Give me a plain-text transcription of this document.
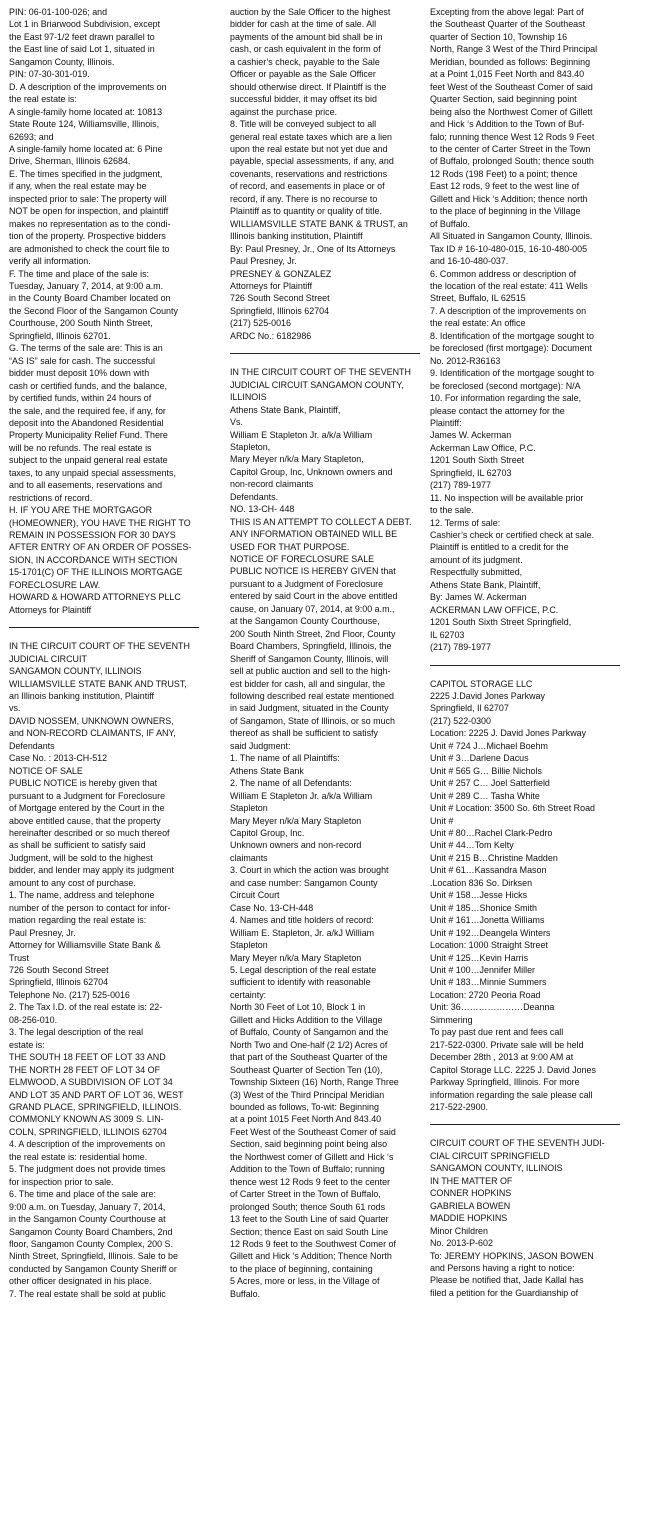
PIN: 06-01-100-026; and
Lot 1 in Briarwood Subdivision, except
the East 97-1/2 feet drawn parallel to
the East line of said Lot 1, situated in
Sangamon County, Illinois.
PIN: 07-30-301-019.
D. A description of the improvements on
the real estate is:
A single-family home located at: 10813
State Route 124, Williamsville, Illinois,
62693; and
A single-family home located at: 6 Pine
Drive, Sherman, Illinois 62684.
E. The times specified in the judgment,
if any, when the real estate may be
inspected prior to sale: The property will
NOT be open for inspection, and plaintiff
makes no representation as to the condi-
tion of the property. Prospective bidders
are admonished to check the court file to
verify all information.
F. The time and place of the sale is:
Tuesday, January 7, 2014, at 9:00 a.m.
in the County Board Chamber located on
the Second Floor of the Sangamon County
Courthouse, 200 South Ninth Street,
Springfield, Illinois 62701.
G. The terms of the sale are: This is an
“AS IS” sale for cash. The successful
bidder must deposit 10% down with
cash or certified funds, and the balance,
by certified funds, within 24 hours of
the sale, and the required fee, if any, for
deposit into the Abandoned Residential
Property Municipality Relief Fund. There
will be no refunds. The real estate is
subject to the unpaid general real estate
taxes, to any unpaid special assessments,
and to all easements, reservations and
restrictions of record.
H. IF YOU ARE THE MORTGAGOR
(HOMEOWNER), YOU HAVE THE RIGHT TO
REMAIN IN POSSESSION FOR 30 DAYS
AFTER ENTRY OF AN ORDER OF POSSES-
SION, IN ACCORDANCE WITH SECTION
15-1701(C) OF THE ILLINOIS MORTGAGE
FORECLOSURE LAW.
HOWARD & HOWARD ATTORNEYS PLLC
Attorneys for Plaintiff
IN THE CIRCUIT COURT OF THE SEVENTH
JUDICIAL CIRCUIT
SANGAMON COUNTY, ILLINOIS
WILLIAMSVILLE STATE BANK AND TRUST,
an Illinois banking institution, Plaintiff
vs.
DAVID NOSSEM, UNKNOWN OWNERS,
and NON-RECORD CLAIMANTS, IF ANY,
Defendants
Case No. : 2013-CH-512
NOTICE OF SALE
PUBLIC NOTICE is hereby given that
pursuant to a Judgment for Foreclosure
of Mortgage entered by the Court in the
above entitled cause, that the property
hereinafter described or so much thereof
as shall be sufficient to satisfy said
Judgment, will be sold to the highest
bidder, and lender may apply its judgment
amount to any cost of purchase.
1. The name, address and telephone
number of the person to contact for infor-
mation regarding the real estate is:
Paul Presney, Jr.
Attorney for Williamsville State Bank &
Trust
726 South Second Street
Springfield, Illinois 62704
Telephone No. (217) 525-0016
2. The Tax I.D. of the real estate is: 22-
08-256-010.
3. The legal description of the real
estate is:
THE SOUTH 18 FEET OF LOT 33 AND
THE NORTH 28 FEET OF LOT 34 OF
ELMWOOD, A SUBDIVISION OF LOT 34
AND LOT 35 AND PART OF LOT 36, WEST
GRAND PLACE, SPRINGFIELD, ILLINOIS.
COMMONLY KNOWN AS 3009 S. LIN-
COLN, SPRINGFIELD, ILLINOIS 62704
4. A description of the improvements on
the real estate is: residential home.
5. The judgment does not provide times
for inspection prior to sale.
6. The time and place of the sale are:
9:00 a.m. on Tuesday, January 7, 2014,
in the Sangamon County Courthouse at
Sangamon County Board Chambers, 2nd
floor, Sangamon County Complex, 200 S.
Ninth Street, Springfield, Illinois. Sale to be
conducted by Sangamon County Sheriff or
other officer designated in his place.
7. The real estate shall be sold at public
auction by the Sale Officer to the highest
bidder for cash at the time of sale. All
payments of the amount bid shall be in
cash, or cash equivalent in the form of
a cashier’s check, payable to the Sale
Officer or payable as the Sale Officer
should otherwise direct. If Plaintiff is the
successful bidder, it may offset its bid
against the purchase price.
8. Title will be conveyed subject to all
general real estate taxes which are a lien
upon the real estate but not yet due and
payable, special assessments, if any, and
covenants, reservations and restrictions
of record, and easements in place or of
record, if any. There is no recourse to
Plaintiff as to quantity or quality of title.
WILLIAMSVILLE STATE BANK & TRUST, an
Illinois banking institution, Plaintiff
By: Paul Presney, Jr., One of Its Attorneys
Paul Presney, Jr.
PRESNEY & GONZALEZ
Attorneys for Plaintiff
726 South Second Street
Springfield, Illinois 62704
(217) 525-0016
ARDC No.: 6182986
IN THE CIRCUIT COURT OF THE SEVENTH
JUDICIAL CIRCUIT SANGAMON COUNTY,
ILLINOIS
Athens State Bank, Plaintiff,
Vs.
William E Stapleton Jr. a/k/a William
Stapleton,
Mary Meyer n/k/a Mary Stapleton,
Capitol Group, Inc, Unknown owners and
non-record claimants
Defendants.
NO. 13-CH- 448
THIS IS AN ATTEMPT TO COLLECT A DEBT.
ANY INFORMATION OBTAINED WILL BE
USED FOR THAT PURPOSE.
NOTICE OF FORECLOSURE SALE
PUBLIC NOTICE IS HEREBY GIVEN that
pursuant to a Judgment of Foreclosure
entered by said Court in the above entitled
cause, on January 07, 2014, at 9:00 a.m.,
at the Sangamon County Courthouse,
200 South Ninth Street, 2nd Floor, County
Board Chambers, Springfield, Illinois, the
Sheriff of Sangamon County, Illinois, will
sell at public auction and sell to the high-
est bidder for cash, all and singular, the
following described real estate mentioned
in said Judgment, situated in the County
of Sangamon, State of Illinois, or so much
thereof as shall be sufficient to satisfy
said Judgment:
1. The name of all Plaintiffs:
Athens State Bank
2. The name of all Defendants:
William E Stapleton Jr. a/k/a William
Stapleton
Mary Meyer n/k/a Mary Stapleton
Capitol Group, Inc.
Unknown owners and non-record
claimants
3. Court in which the action was brought
and case number: Sangamon County
Circuit Court
Case No. 13-CH-448
4. Names and title holders of record:
William E. Stapleton, Jr. a/kJ William
Stapleton
Mary Meyer n/k/a Mary Stapleton
5. Legal description of the real estate
sufficient to identify with reasonable
certainty:
North 30 Feet of Lot 10, Block 1 in
Gillett and Hicks Addition to the Village
of Buffalo, County of Sangamon and the
North Two and One-half (2 1/2) Acres of
that part of the Southeast Quarter of the
Southeast Quarter of Section Ten (10),
Township Sixteen (16) North, Range Three
(3) West of the Third Principal Meridian
bounded as follows, To-wit: Beginning
at a point 1015 Feet North And 843.40
Feet West of the Southeast Comer of said
Section, said beginning point being also
the Northwest comer of Gillett and Hick ‘s
Addition to the Town of Buffalo; running
thence west 12 Rods 9 feet to the center
of Carter Street in the Town of Buffalo,
prolonged South; thence South 61 rods
13 feet to the South Line of said Quarter
Section; thence East on said South Line
12 Rods 9 feet to the Southwest Comer of
Gillett and Hick ‘s Addition; Thence North
to the place of beginning, containing
5 Acres, more or less, in the Village of
Buffalo.
Excepting from the above legal: Part of
the Southeast Quarter of the Southeast
quarter of Section 10, Township 16
North, Range 3 West of the Third Principal
Meridian, bounded as follows: Beginning
at a Point 1,015 Feet North and 843.40
feet West of the Southeast Comer of said
Quarter Section, said beginning point
being also the Northwest Comer of Gillett
and Hick ‘s Addition to the Town of Buf-
falo; running thence West 12 Rods 9 Feet
to the center of Carter Street in the Town
of Buffalo, prolonged South; thence south
12 Rods (198 Feet) to a point; thence
East 12 rods, 9 feet to the west line of
Gillett and Hick ‘s Addition; thence north
to the place of beginning in the Village
of Buffalo.
All Situated in Sangamon County, Illinois.
Tax ID # 16-10-480-015, 16-10-480-005
and 16-10-480-037.
6. Common address or description of
the location of the real estate: 411 Wells
Street, Buffalo, IL 62515
7. A description of the improvements on
the real estate: An office
8. Identification of the mortgage sought to
be foreclosed (first mortgage): Document
No. 2012-R36163
9. Identification of the mortgage sought to
be foreclosed (second mortgage): N/A
10. For information regarding the sale,
please contact the attorney for the
Plaintiff:
James W. Ackerman
Ackerman Law Office, P.C.
1201 South Sixth Street
Springfield, IL 62703
(217) 789-1977
11. No inspection will be available prior
to the sale.
12. Terms of sale:
Cashier’s check or certified check at sale.
Plaintiff is entitled to a credit for the
amount of its judgment.
Respectfully submitted,
Athens State Bank, Plaintiff,
By: James W. Ackerman
ACKERMAN LAW OFFICE, P.C.
1201 South Sixth Street Springfield,
IL 62703
(217) 789-1977
CAPITOL STORAGE LLC
2225 J.David Jones Parkway
Springfield, Il 62707
(217) 522-0300
Location: 2225 J. David Jones Parkway
Unit # 724 J…Michael Boehm
Unit # 3…Darlene Dacus
Unit # 565 G… Billie Nichols
Unit # 257 C… Joel Satterfield
Unit # 289 C… Tasha White
Unit # Location: 3500 So. 6th Street Road
Unit #
Unit # 80…Rachel Clark-Pedro
Unit # 44…Tom Kelty
Unit # 215 B…Christine Madden
Unit # 61…Kassandra Mason
.Location 836 So. Dirksen
Unit # 158…Jesse Hicks
Unit # 185…Shonice Smith
Unit # 161…Jonetta Williams
Unit # 192…Deangela Winters
Location: 1000 Straight Street
Unit # 125…Kevin Harris
Unit # 100…Jennifer Miller
Unit # 183…Minnie Summers
Location: 2720 Peoria Road
Unit: 36…………………Deanna
Simmering
To pay past due rent and fees call
217-522-0300. Private sale will be held
December 28th , 2013 at 9:00 AM at
Capitol Storage LLC. 2225 J. David Jones
Parkway Springfield, Illinois. For more
information regarding the sale please call
217-522-2900.
CIRCUIT COURT OF THE SEVENTH JUDI-
CIAL CIRCUIT SPRINGFIELD
SANGAMON COUNTY, ILLINOIS
IN THE MATTER OF
CONNER HOPKINS
GABRIELA BOWEN
MADDIE HOPKINS
Minor Children
No. 2013-P-602
To: JEREMY HOPKINS, JASON BOWEN
and Persons having a right to notice:
Please be notified that, Jade Kallal has
filed a petition for the Guardianship of
